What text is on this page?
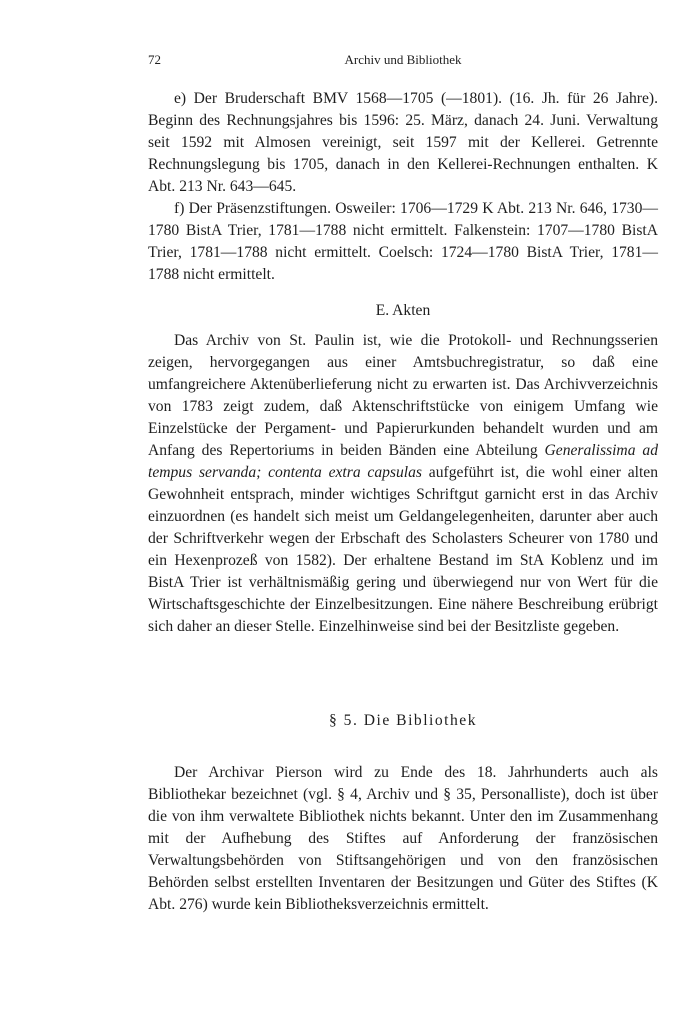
72	Archiv und Bibliothek

e) Der Bruderschaft BMV 1568—1705 (—1801). (16. Jh. für 26 Jahre). Beginn des Rechnungsjahres bis 1596: 25. März, danach 24. Juni. Verwaltung seit 1592 mit Almosen vereinigt, seit 1597 mit der Kellerei. Getrennte Rechnungslegung bis 1705, danach in den Kellerei-Rechnungen enthalten. K Abt. 213 Nr. 643—645.

f) Der Präsenzstiftungen. Osweiler: 1706—1729 K Abt. 213 Nr. 646, 1730—1780 BistA Trier, 1781—1788 nicht ermittelt. Falkenstein: 1707—1780 BistA Trier, 1781—1788 nicht ermittelt. Coelsch: 1724—1780 BistA Trier, 1781—1788 nicht ermittelt.

E. Akten

Das Archiv von St. Paulin ist, wie die Protokoll- und Rechnungsserien zeigen, hervorgegangen aus einer Amtsbuchregistratur, so daß eine umfangreichere Aktenüberlieferung nicht zu erwarten ist. Das Archivverzeichnis von 1783 zeigt zudem, daß Aktenschriftstücke von einigem Umfang wie Einzelstücke der Pergament- und Papierurkunden behandelt wurden und am Anfang des Repertoriums in beiden Bänden eine Abteilung Generalissima ad tempus servanda; contenta extra capsulas aufgeführt ist, die wohl einer alten Gewohnheit entsprach, minder wichtiges Schriftgut garnicht erst in das Archiv einzuordnen (es handelt sich meist um Geldangelegenheiten, darunter aber auch der Schriftverkehr wegen der Erbschaft des Scholasters Scheurer von 1780 und ein Hexenprozeß von 1582). Der erhaltene Bestand im StA Koblenz und im BistA Trier ist verhältnismäßig gering und überwiegend nur von Wert für die Wirtschaftsgeschichte der Einzelbesitzungen. Eine nähere Beschreibung erübrigt sich daher an dieser Stelle. Einzelhinweise sind bei der Besitzliste gegeben.

§ 5. Die Bibliothek

Der Archivar Pierson wird zu Ende des 18. Jahrhunderts auch als Bibliothekar bezeichnet (vgl. § 4, Archiv und § 35, Personalliste), doch ist über die von ihm verwaltete Bibliothek nichts bekannt. Unter den im Zusammenhang mit der Aufhebung des Stiftes auf Anforderung der französischen Verwaltungsbehörden von Stiftsangehörigen und von den französischen Behörden selbst erstellten Inventaren der Besitzungen und Güter des Stiftes (K Abt. 276) wurde kein Bibliotheksverzeichnis ermittelt.
